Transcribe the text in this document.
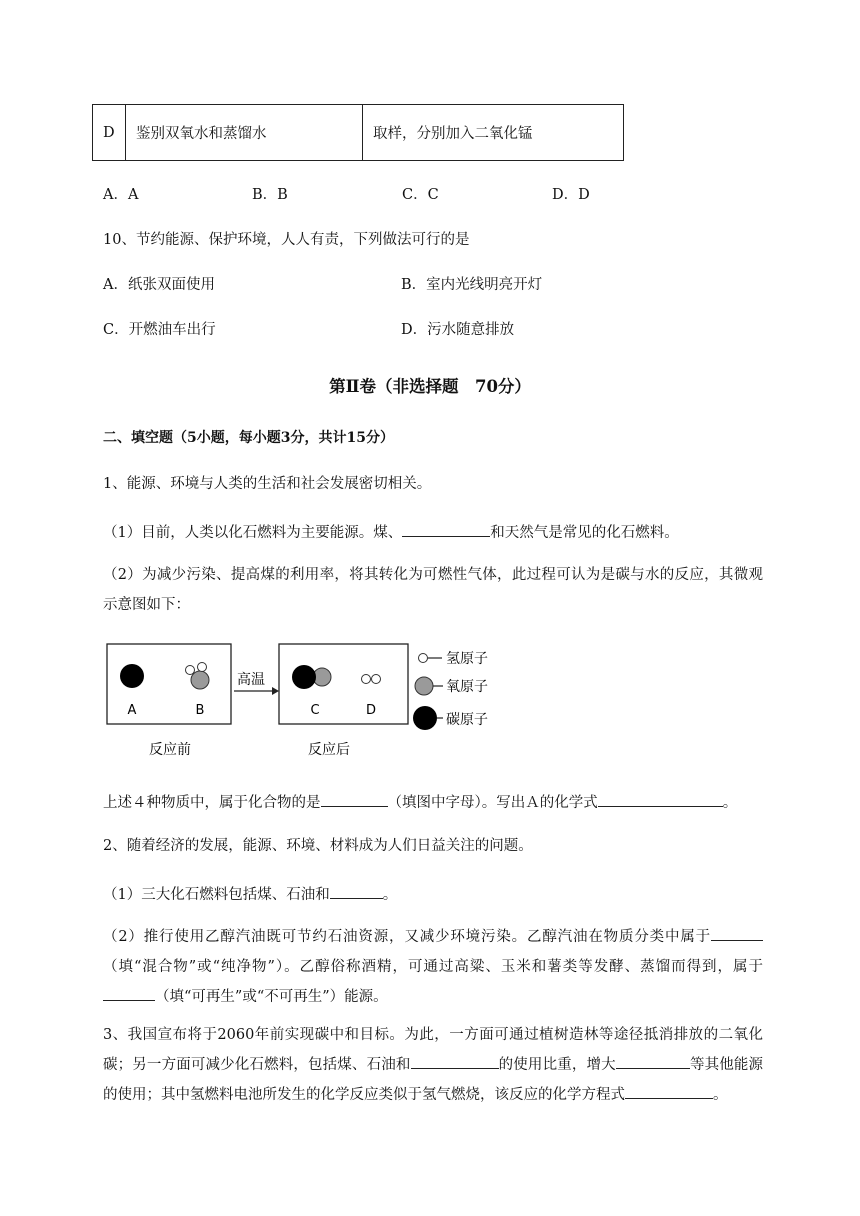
D	鉴别双氧水和蒸馏水	取样，分别加入二氧化锰
A．A	B．B	C．C	D．D
10、节约能源、保护环境，人人有责，下列做法可行的是
A．纸张双面使用	B．室内光线明亮开灯
C．开燃油车出行	D．污水随意排放
第Ⅱ卷（非选择题　70分）
二、填空题（5小题，每小题3分，共计15分）
1、能源、环境与人类的生活和社会发展密切相关。
（1）目前，人类以化石燃料为主要能源。煤、	和天然气是常见的化石燃料。
（2）为减少污染、提高煤的利用率，将其转化为可燃性气体，此过程可认为是碳与水的反应，其微观示意图如下：
A	B
高温
C	D
反应前	反应后
氢原子
氧原子
碳原子
上述４种物质中，属于化合物的是	（填图中字母）。写出Ａ的化学式	。
2、随着经济的发展，能源、环境、材料成为人们日益关注的问题。
（1）三大化石燃料包括煤、石油和	。
（2）推行使用乙醇汽油既可节约石油资源，又减少环境污染。乙醇汽油在物质分类中属于（填“混合物”或“纯净物”）。乙醇俗称酒精，可通过高粱、玉米和薯类等发酵、蒸馏而得到，属于（填“可再生”或“不可再生”）能源。
3、我国宣布将于2060年前实现碳中和目标。为此，一方面可通过植树造林等途径抵消排放的二氧化碳；另一方面可减少化石燃料，包括煤、石油和	的使用比重，增大	等其他能源的使用；其中氢燃料电池所发生的化学反应类似于氢气燃烧，该反应的化学方程式	。
